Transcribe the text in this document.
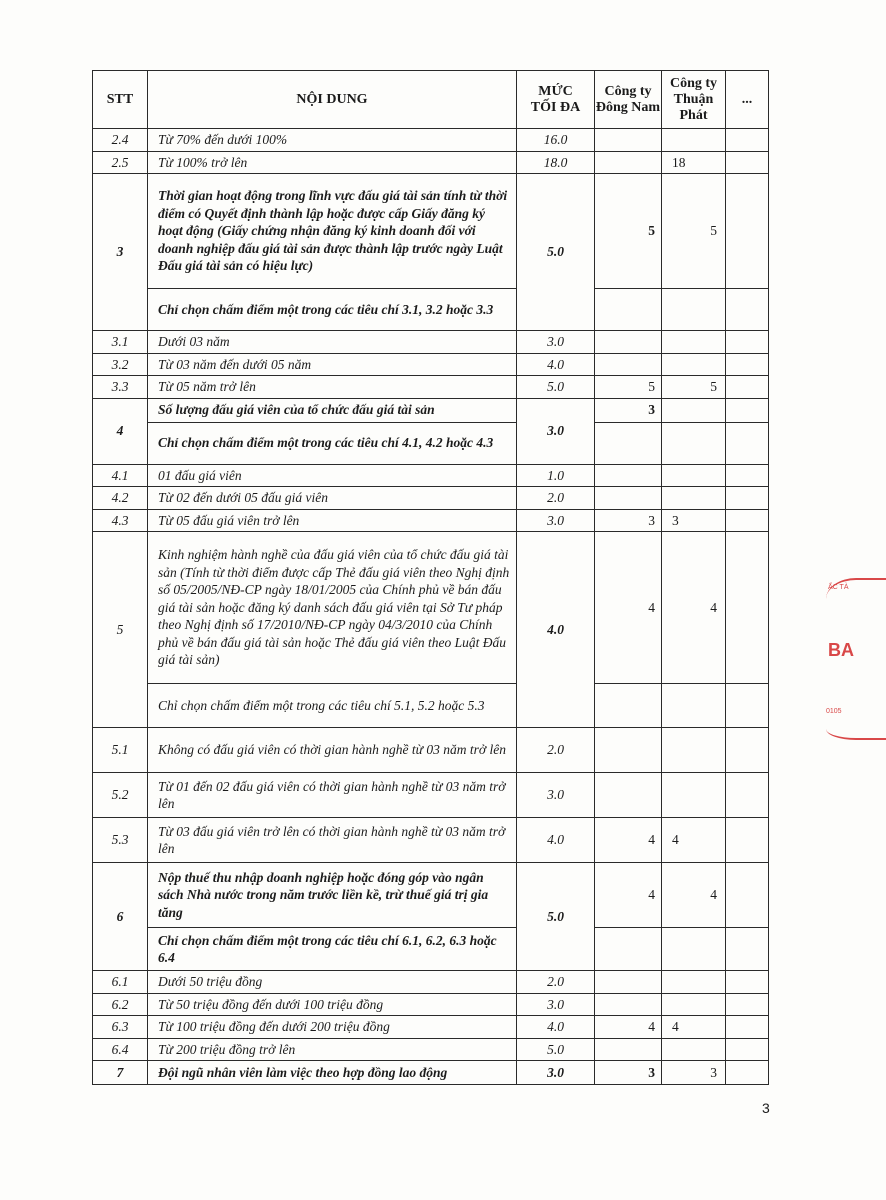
STT	NỘI DUNG	MỨC TỐI ĐA	Công ty Đông Nam	Công ty Thuận Phát	...
2.4	Từ 70% đến dưới 100%	16.0			
2.5	Từ 100% trở lên	18.0		18	
3	Thời gian hoạt động trong lĩnh vực đấu giá tài sản tính từ thời điểm có Quyết định thành lập hoặc được cấp Giấy đăng ký hoạt động (Giấy chứng nhận đăng ký kinh doanh đối với doanh nghiệp đấu giá tài sản được thành lập trước ngày Luật Đấu giá tài sản có hiệu lực)	5.0	5	5	
	Chỉ chọn chấm điểm một trong các tiêu chí 3.1, 3.2 hoặc 3.3				
3.1	Dưới 03 năm	3.0			
3.2	Từ 03 năm đến dưới 05 năm	4.0			
3.3	Từ 05 năm trở lên	5.0	5	5	
4	Số lượng đấu giá viên của tổ chức đấu giá tài sản	3.0	3		
	Chỉ chọn chấm điểm một trong các tiêu chí 4.1, 4.2 hoặc 4.3				
4.1	01 đấu giá viên	1.0			
4.2	Từ 02 đến dưới 05 đấu giá viên	2.0			
4.3	Từ 05 đấu giá viên trở lên	3.0	3	3	
5	Kinh nghiệm hành nghề của đấu giá viên của tổ chức đấu giá tài sản (Tính từ thời điểm được cấp Thẻ đấu giá viên theo Nghị định số 05/2005/NĐ-CP ngày 18/01/2005 của Chính phủ về bán đấu giá tài sản hoặc đăng ký danh sách đấu giá viên tại Sở Tư pháp theo Nghị định số 17/2010/NĐ-CP ngày 04/3/2010 của Chính phủ về bán đấu giá tài sản hoặc Thẻ đấu giá viên theo Luật Đấu giá tài sản)	4.0	4	4	
	Chỉ chọn chấm điểm một trong các tiêu chí 5.1, 5.2 hoặc 5.3				
5.1	Không có đấu giá viên có thời gian hành nghề từ 03 năm trở lên	2.0			
5.2	Từ 01 đến 02 đấu giá viên có thời gian hành nghề từ 03 năm trở lên	3.0			
5.3	Từ 03 đấu giá viên trở lên có thời gian hành nghề từ 03 năm trở lên	4.0	4	4	
6	Nộp thuế thu nhập doanh nghiệp hoặc đóng góp vào ngân sách Nhà nước trong năm trước liền kề, trừ thuế giá trị gia tăng	5.0	4	4	
	Chỉ chọn chấm điểm một trong các tiêu chí 6.1, 6.2, 6.3 hoặc 6.4				
6.1	Dưới 50 triệu đồng	2.0			
6.2	Từ 50 triệu đồng đến dưới 100 triệu đồng	3.0			
6.3	Từ 100 triệu đồng đến dưới 200 triệu đồng	4.0	4	4	
6.4	Từ 200 triệu đồng trở lên	5.0			
7	Đội ngũ nhân viên làm việc theo hợp đồng lao động	3.0	3	3	
3
ẤC TÀ
BA
0105
